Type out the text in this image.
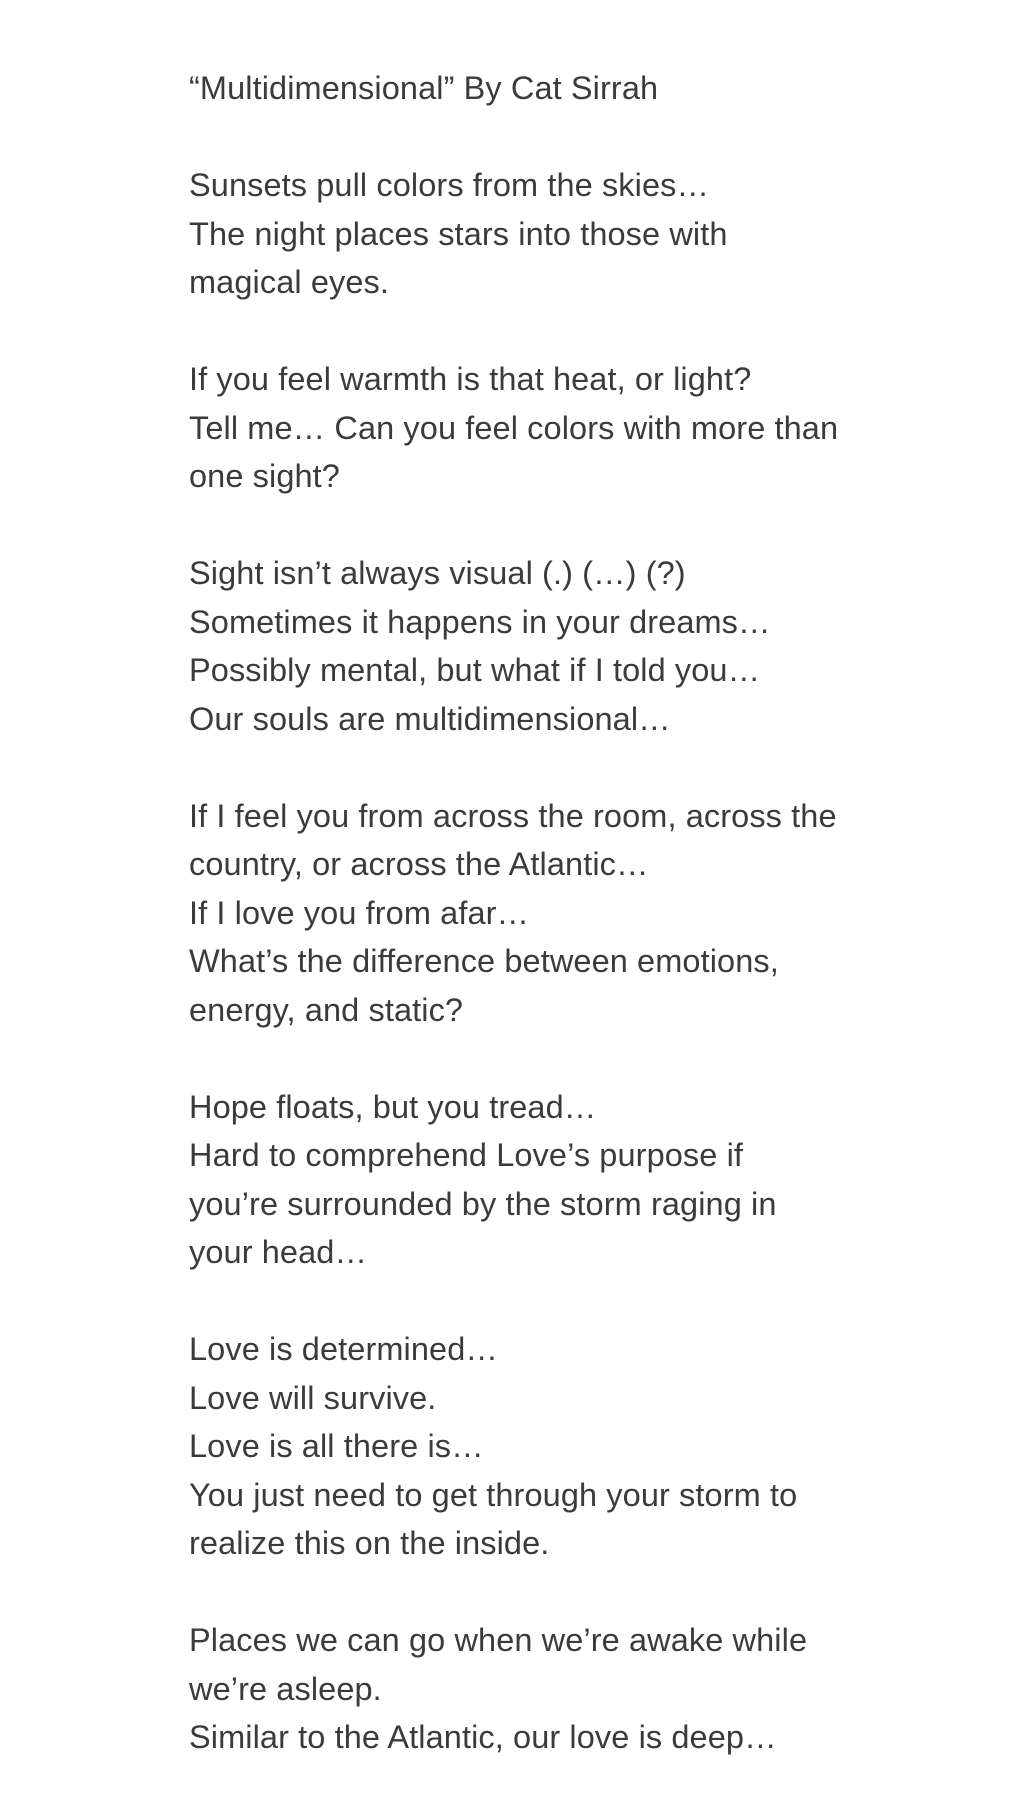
“Multidimensional” By Cat Sirrah
Sunsets pull colors from the skies…
The night places stars into those with
magical eyes.
If you feel warmth is that heat, or light?
Tell me… Can you feel colors with more than
one sight?
Sight isn’t always visual (.) (…) (?)
Sometimes it happens in your dreams…
Possibly mental, but what if I told you…
Our souls are multidimensional…
If I feel you from across the room, across the
country, or across the Atlantic…
If I love you from afar…
What’s the difference between emotions,
energy, and static?
Hope floats, but you tread…
Hard to comprehend Love’s purpose if
you’re surrounded by the storm raging in
your head…
Love is determined…
Love will survive.
Love is all there is…
You just need to get through your storm to
realize this on the inside.
Places we can go when we’re awake while
we’re asleep.
Similar to the Atlantic, our love is deep…
